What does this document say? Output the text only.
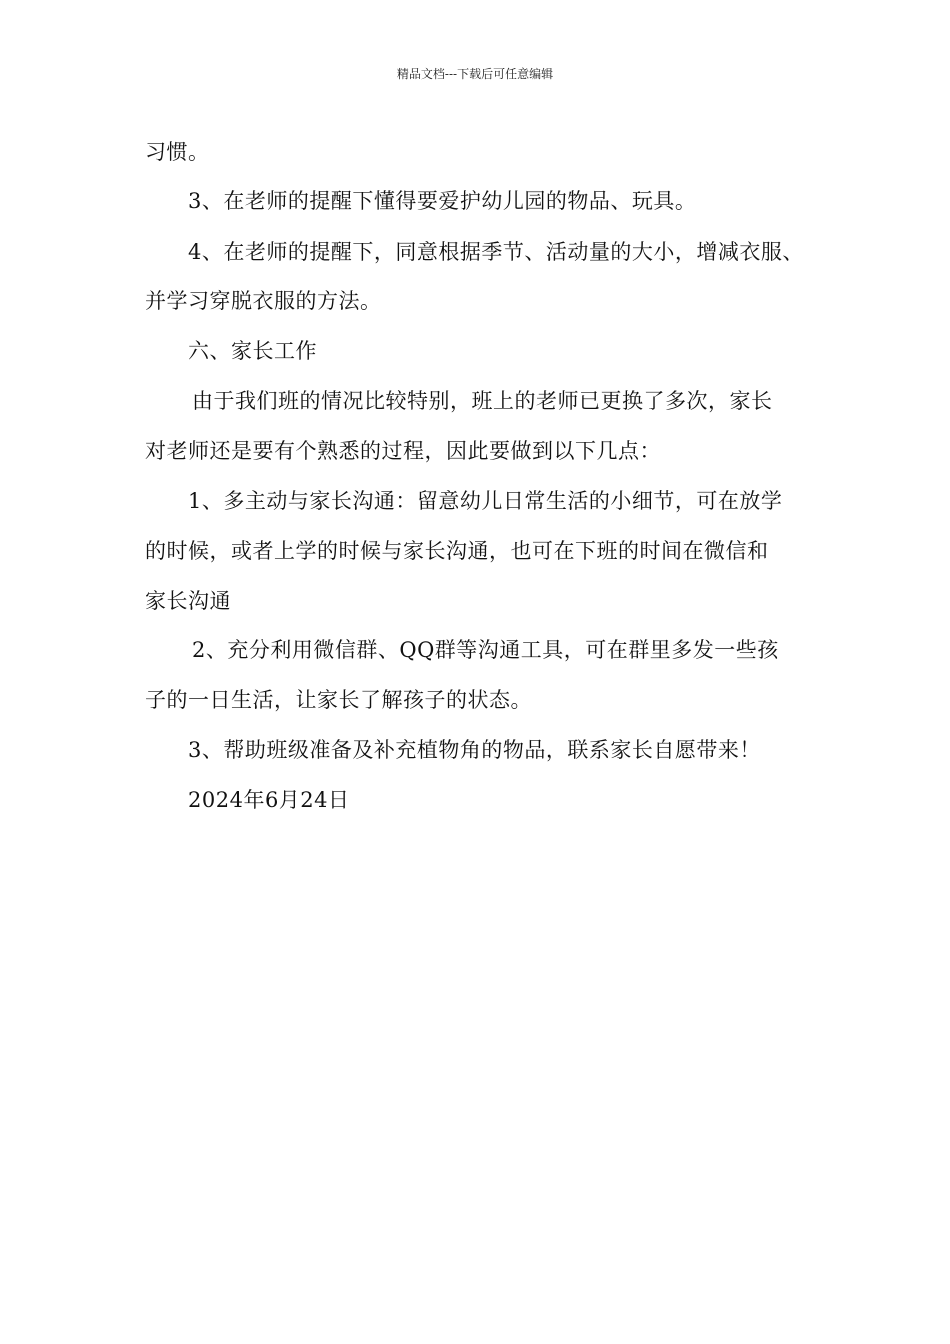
精品文档---下载后可任意编辑
习惯。
3、在老师的提醒下懂得要爱护幼儿园的物品、玩具。
4、在老师的提醒下，同意根据季节、活动量的大小，增减衣服、
并学习穿脱衣服的方法。
六、家长工作
由于我们班的情况比较特别，班上的老师已更换了多次，家长
对老师还是要有个熟悉的过程，因此要做到以下几点：
1、多主动与家长沟通：留意幼儿日常生活的小细节，可在放学
的时候，或者上学的时候与家长沟通，也可在下班的时间在微信和
家长沟通
2、充分利用微信群、QQ群等沟通工具，可在群里多发一些孩
子的一日生活，让家长了解孩子的状态。
3、帮助班级准备及补充植物角的物品，联系家长自愿带来！
2024年6月24日
